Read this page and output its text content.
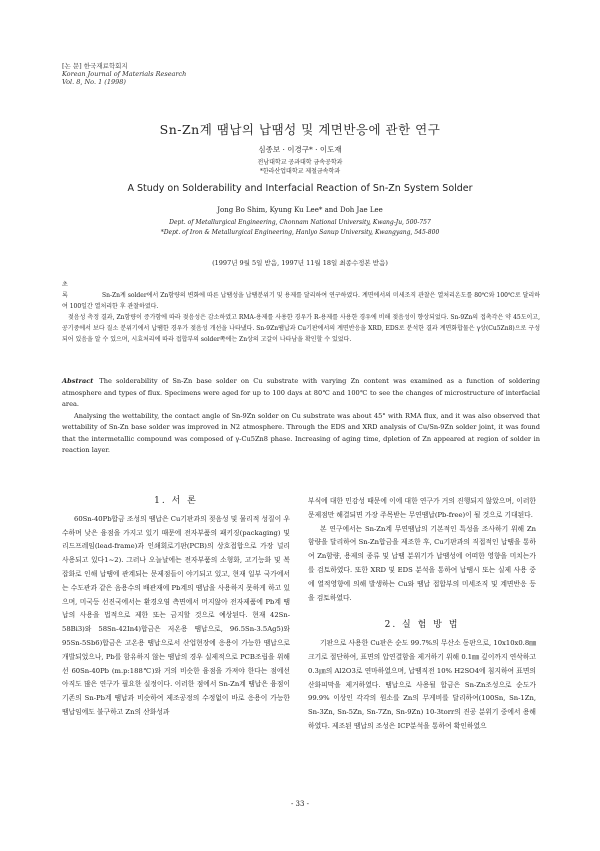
[논 문] 한국재료학회지
Korean Journal of Materials Research
Vol. 8, No. 1 (1998)
Sn-Zn계 땜납의 납땜성 및 계면반응에 관한 연구
심종보 · 이경구* · 이도재
전남대학교 공과대학 금속공학과
*한라산업대학교 제철금속학과
A Study on Solderability and Interfacial Reaction of Sn-Zn System Solder
Jong Bo Shim, Kyung Ku Lee* and Doh Jae Lee
Dept. of Metallurgical Engineering, Chonnam National University, Kwang-Ju, 500-757
*Dept. of Iron & Metallurgical Engineering, Hanlyo Sanup University, Kwangyang, 545-800
(1997년 9월 5일 받음, 1997년 11월 18일 최종수정본 받음)

초 록	Sn-Zn계 solder에서 Zn함량의 변화에 따른 납땜성을 납땜분위기 및 용제를 달리하여 연구하였다. 계면에서의 미세조직 관찰은 열처리온도를 80℃와 100℃로 달리하여 100일간 열처리한 후 관찰하였다.

젖음성 측정 결과, Zn함량이 증가함에 따라 젖음성은 감소하였고 RMA-용제를 사용한 경우가 R-용제를 사용한 경우에 비해 젖음성이 향상되었다. Sn-9Zn의 접촉각은 약 45도이고, 공기중에서 보다 질소 분위기에서 납땜한 경우가 젖음성 개선을 나타냈다. Sn-9Zn땜납과 Cu기판에서의 계면반응을 XRD, EDS로 분석한 결과 계면화합물은 γ상(Cu5Zn8)으로 구성되어 있음을 알 수 있으며, 시효처리에 따라 접합부의 solder쪽에는 Zn상의 고갈이 나타남을 확인할 수 있었다.

Abstract The solderability of Sn-Zn base solder on Cu substrate with varying Zn content was examined as a function of soldering atmosphere and types of flux. Specimens were aged for up to 100 days at 80℃ and 100℃ to see the changes of microstructure of interfacial area.

Analysing the wettability, the contact angle of Sn-9Zn solder on Cu substrate was about 45° with RMA flux, and it was also observed that wettability of Sn-Zn base solder was improved in N2 atmosphere. Through the EDS and XRD analysis of Cu/Sn-9Zn solder joint, it was found that the intermetallic compound was composed of γ-Cu5Zn8 phase. Increasing of aging time, dpletion of Zn appeared at region of solder in reaction layer.

1. 서 론

60Sn-40Pb합금 조성의 땜납은 Cu기판과의 젖음성 및 물리적 성질이 우수하며 낮은 융점을 가지고 있기 때문에 전자부품의 패키징(packaging) 및 리드프레임(lead-frame)과 인쇄회로기판(PCB)의 상호접합으로 가장 널리 사용되고 있다1~2). 그러나 오늘날에는 전자부품의 소형화, 고기능화 및 복잡화로 인해 납땜에 관계되는 문제점들이 야기되고 있고, 현재 일부 국가에서는 수도관과 같은 음용수의 배관재에 Pb계의 땜납을 사용하지 못하게 하고 있으며, 미국등 선진국에서는 환경오염 측면에서 머지않아 전자제품에 Pb계 땜납의 사용을 법적으로 제한 또는 금지할 것으로 예상된다. 현재 42Sn-58Bi3)와 58Sn-42In4)합금은 저온용 땜납으로, 96.5Sn-3.5Ag5)와 95Sn-5Sb6)합금은 고온용 땜납으로서 산업현장에 응용이 가능한 땜납으로 개발되었으나, Pb를 함유하지 않는 땜납의 경우 실제적으로 PCB조립을 위해선 60Sn-40Pb (m.p:188℃)와 거의 비슷한 융점을 가져야 한다는 점에선 아직도 많은 연구가 필요한 실정이다. 이러한 점에서 Sn-Zn계 땜납은 융점이 기존의 Sn-Pb계 땜납과 비슷하여 제조공정의 수정없이 바로 응용이 가능한 땜납임에도 불구하고 Zn의 산화성과

부식에 대한 민감성 때문에 이에 대한 연구가 거의 진행되지 않았으며, 이러한 문제점만 해결되면 가장 주목받는 무연땜납(Pb-free)이 될 것으로 기대된다.

본 연구에서는 Sn-Zn계 무연땜납의 기본적인 특성을 조사하기 위해 Zn함량을 달리하여 Sn-Zn합금을 제조한 후, Cu기판과의 직접적인 납땜을 통하여 Zn함량, 용제의 종류 및 납땜 분위기가 납땜성에 어떠한 영향을 미치는가를 검토하였다. 또한 XRD 및 EDS 분석을 통하여 납땜시 또는 실제 사용 중에 열적영향에 의해 발생하는 Cu와 땜납 접합부의 미세조직 및 계면반응 등을 검토하였다.

2. 실 험 방 법

기판으로 사용한 Cu판은 순도 99.7%의 무산소 동판으로, 10x10x0.8㎜ 크기로 절단하여, 표면의 압연결함을 제거하기 위해 0.1㎜ 깊이까지 연삭하고 0.3㎛의 Al2O3로 연마하였으며, 납땜직전 10% H2SO4에 침지하여 표면의 산화피막을 제거하였다. 땜납으로 사용될 합금은 Sn-Zn조성으로 순도가 99.9% 이상인 각각의 원소를 Zn의 무게비를 달리하여(100Sn, Sn-1Zn, Sn-3Zn, Sn-5Zn, Sn-7Zn, Sn-9Zn) 10-3torr의 진공 분위기 중에서 용해하였다. 제조된 땜납의 조성은 ICP분석을 통하여 확인하였으

- 33 -
